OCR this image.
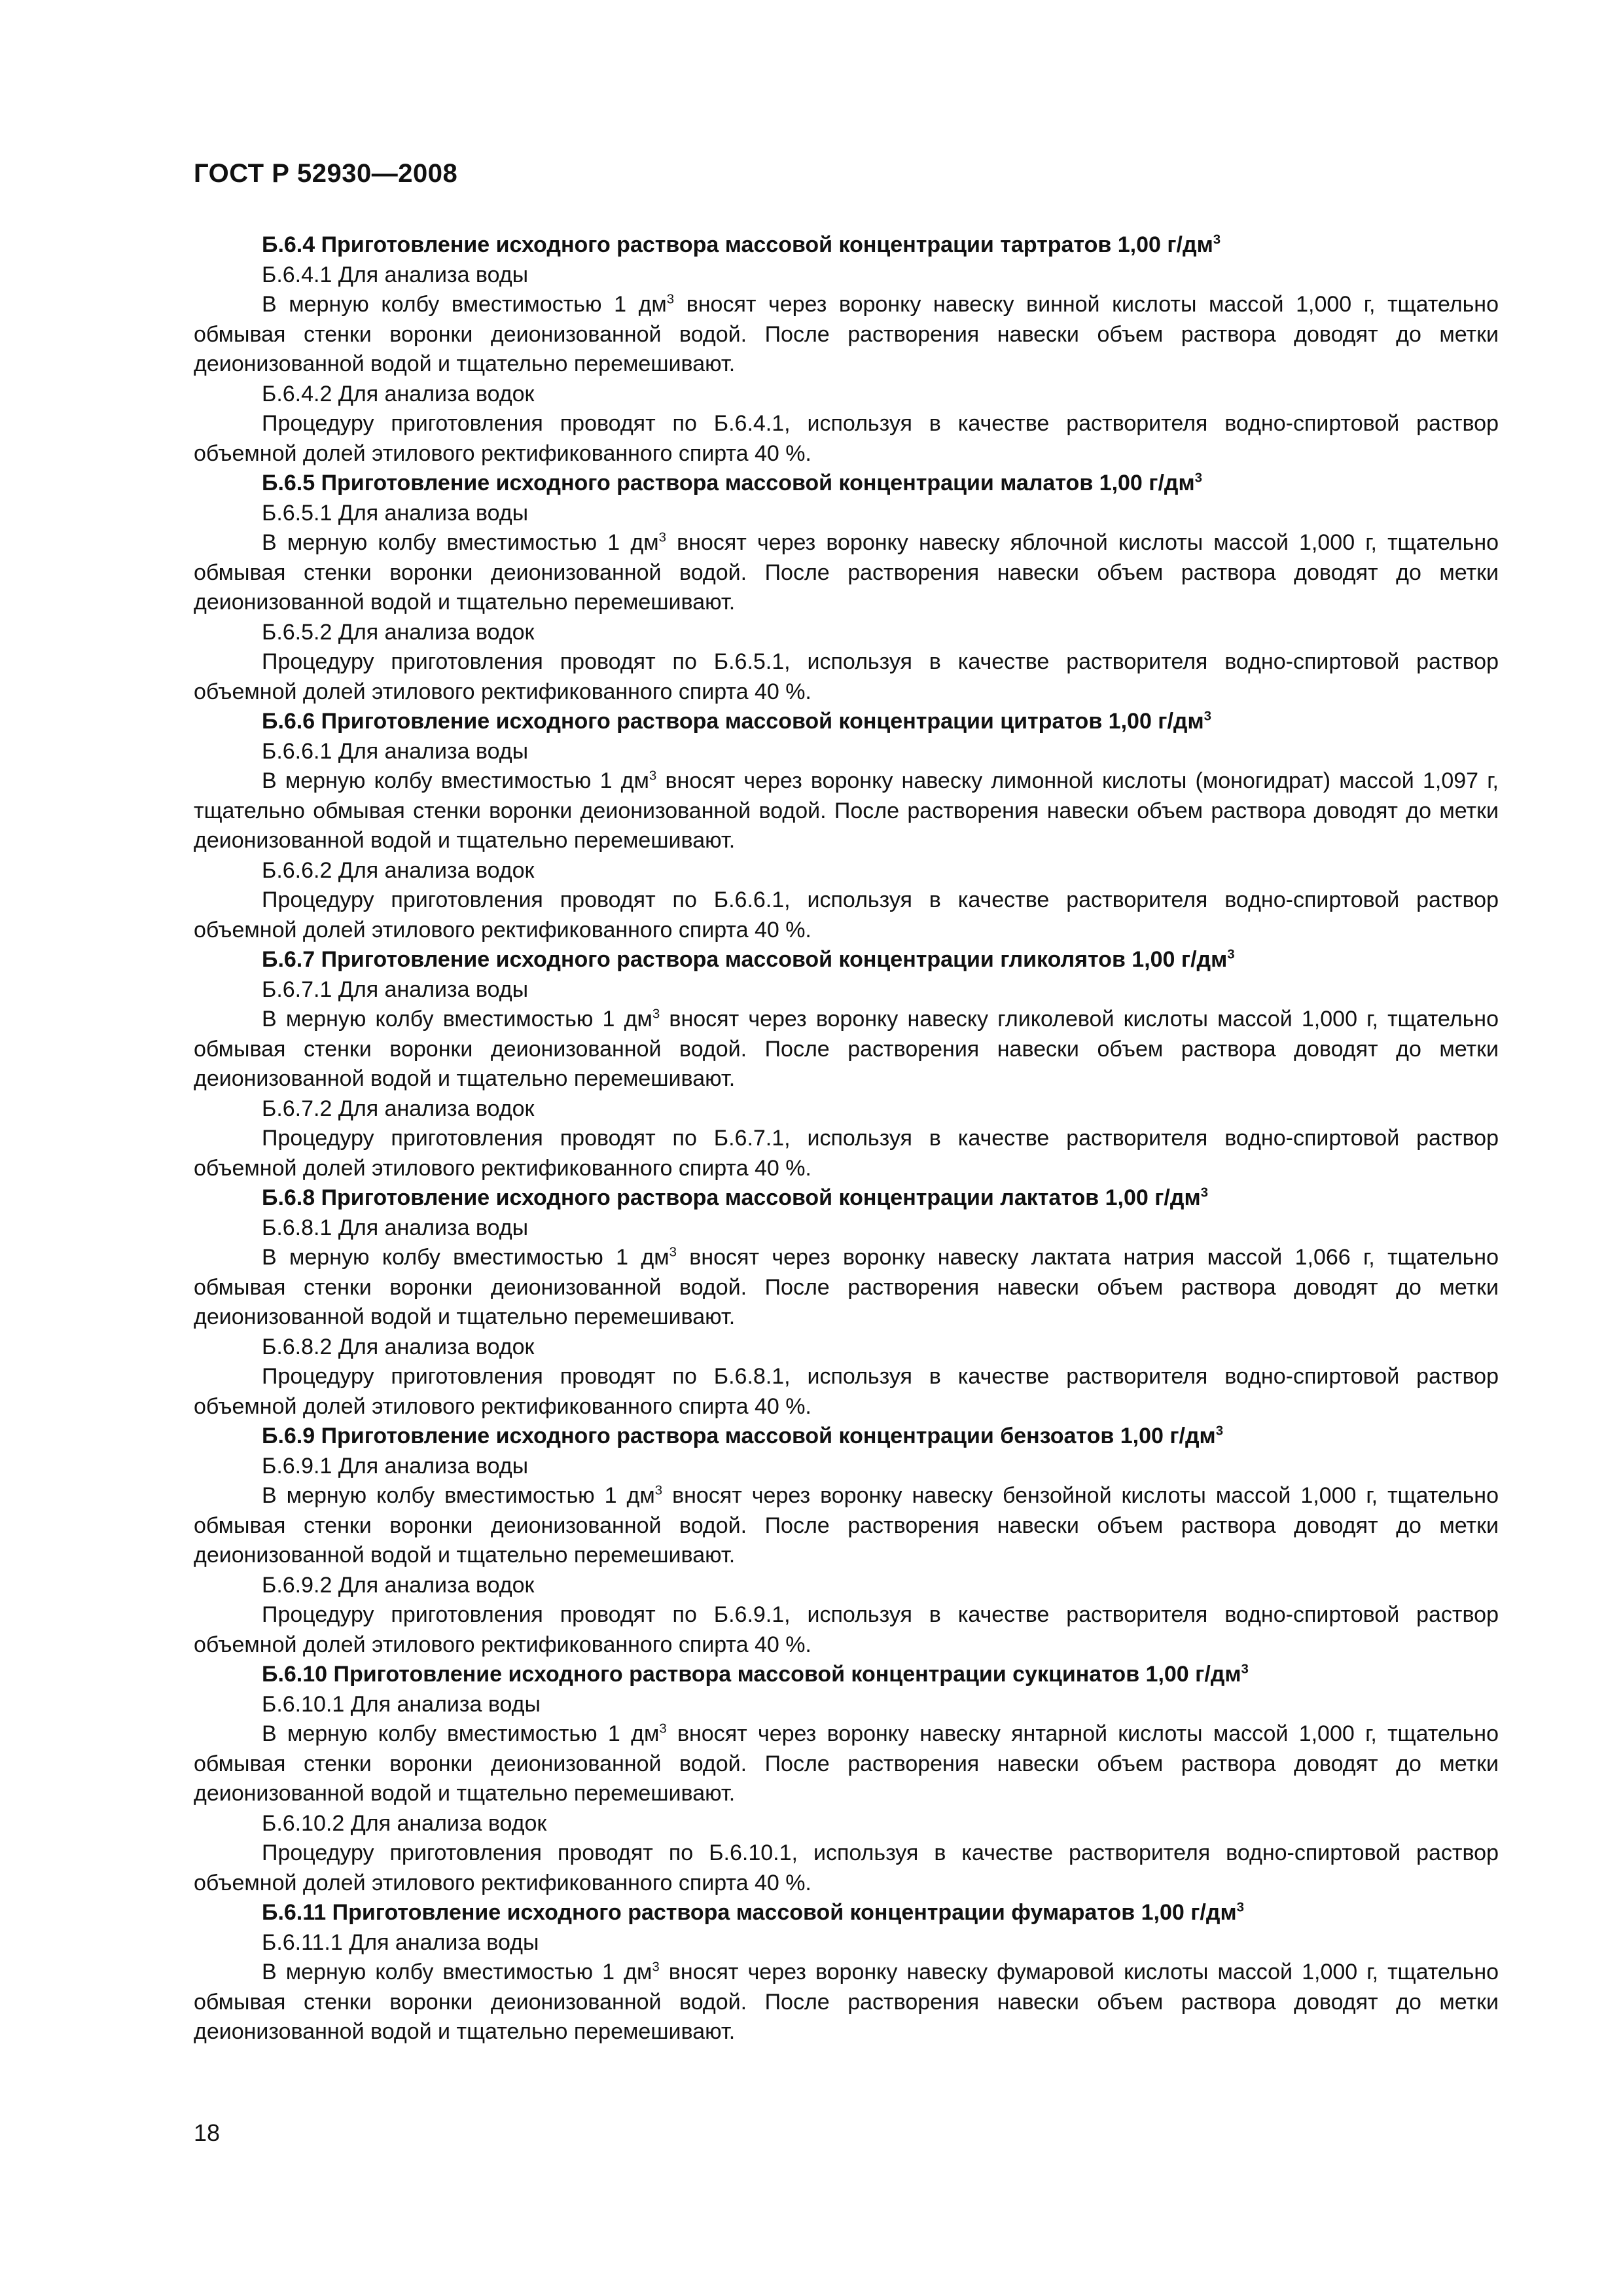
ГОСТ Р 52930—2008

Б.6.4 Приготовление исходного раствора массовой концентрации тартратов 1,00 $г/дм^3$

Б.6.4.1 Для анализа воды

В мерную колбу вместимостью 1 $дм^3$ вносят через воронку навеску винной кислоты массой 1,000 г, тщательно обмывая стенки воронки деионизованной водой. После растворения навески объем раствора доводят до метки деионизованной водой и тщательно перемешивают.

Б.6.4.2 Для анализа водок

Процедуру приготовления проводят по Б.6.4.1, используя в качестве растворителя водно-спиртовой раствор объемной долей этилового ректификованного спирта 40 %.

Б.6.5 Приготовление исходного раствора массовой концентрации малатов 1,00 $г/дм^3$

Б.6.5.1 Для анализа воды

В мерную колбу вместимостью 1 $дм^3$ вносят через воронку навеску яблочной кислоты массой 1,000 г, тщательно обмывая стенки воронки деионизованной водой. После растворения навески объем раствора доводят до метки деионизованной водой и тщательно перемешивают.

Б.6.5.2 Для анализа водок

Процедуру приготовления проводят по Б.6.5.1, используя в качестве растворителя водно-спиртовой раствор объемной долей этилового ректификованного спирта 40 %.

Б.6.6 Приготовление исходного раствора массовой концентрации цитратов 1,00 $г/дм^3$

Б.6.6.1 Для анализа воды

В мерную колбу вместимостью 1 $дм^3$ вносят через воронку навеску лимонной кислоты (моногидрат) массой 1,097 г, тщательно обмывая стенки воронки деионизованной водой. После растворения навески объем раствора доводят до метки деионизованной водой и тщательно перемешивают.

Б.6.6.2 Для анализа водок

Процедуру приготовления проводят по Б.6.6.1, используя в качестве растворителя водно-спиртовой раствор объемной долей этилового ректификованного спирта 40 %.

Б.6.7 Приготовление исходного раствора массовой концентрации гликолятов 1,00 $г/дм^3$

Б.6.7.1 Для анализа воды

В мерную колбу вместимостью 1 $дм^3$ вносят через воронку навеску гликолевой кислоты массой 1,000 г, тщательно обмывая стенки воронки деионизованной водой. После растворения навески объем раствора доводят до метки деионизованной водой и тщательно перемешивают.

Б.6.7.2 Для анализа водок

Процедуру приготовления проводят по Б.6.7.1, используя в качестве растворителя водно-спиртовой раствор объемной долей этилового ректификованного спирта 40 %.

Б.6.8 Приготовление исходного раствора массовой концентрации лактатов 1,00 $г/дм^3$

Б.6.8.1 Для анализа воды

В мерную колбу вместимостью 1 $дм^3$ вносят через воронку навеску лактата натрия массой 1,066 г, тщательно обмывая стенки воронки деионизованной водой. После растворения навески объем раствора доводят до метки деионизованной водой и тщательно перемешивают.

Б.6.8.2 Для анализа водок

Процедуру приготовления проводят по Б.6.8.1, используя в качестве растворителя водно-спиртовой раствор объемной долей этилового ректификованного спирта 40 %.

Б.6.9 Приготовление исходного раствора массовой концентрации бензоатов 1,00 $г/дм^3$

Б.6.9.1 Для анализа воды

В мерную колбу вместимостью 1 $дм^3$ вносят через воронку навеску бензойной кислоты массой 1,000 г, тщательно обмывая стенки воронки деионизованной водой. После растворения навески объем раствора доводят до метки деионизованной водой и тщательно перемешивают.

Б.6.9.2 Для анализа водок

Процедуру приготовления проводят по Б.6.9.1, используя в качестве растворителя водно-спиртовой раствор объемной долей этилового ректификованного спирта 40 %.

Б.6.10 Приготовление исходного раствора массовой концентрации сукцинатов 1,00 $г/дм^3$

Б.6.10.1 Для анализа воды

В мерную колбу вместимостью 1 $дм^3$ вносят через воронку навеску янтарной кислоты массой 1,000 г, тщательно обмывая стенки воронки деионизованной водой. После растворения навески объем раствора доводят до метки деионизованной водой и тщательно перемешивают.

Б.6.10.2 Для анализа водок

Процедуру приготовления проводят по Б.6.10.1, используя в качестве растворителя водно-спиртовой раствор объемной долей этилового ректификованного спирта 40 %.

Б.6.11 Приготовление исходного раствора массовой концентрации фумаратов 1,00 $г/дм^3$

Б.6.11.1 Для анализа воды

В мерную колбу вместимостью 1 $дм^3$ вносят через воронку навеску фумаровой кислоты массой 1,000 г, тщательно обмывая стенки воронки деионизованной водой. После растворения навески объем раствора доводят до метки деионизованной водой и тщательно перемешивают.

18
